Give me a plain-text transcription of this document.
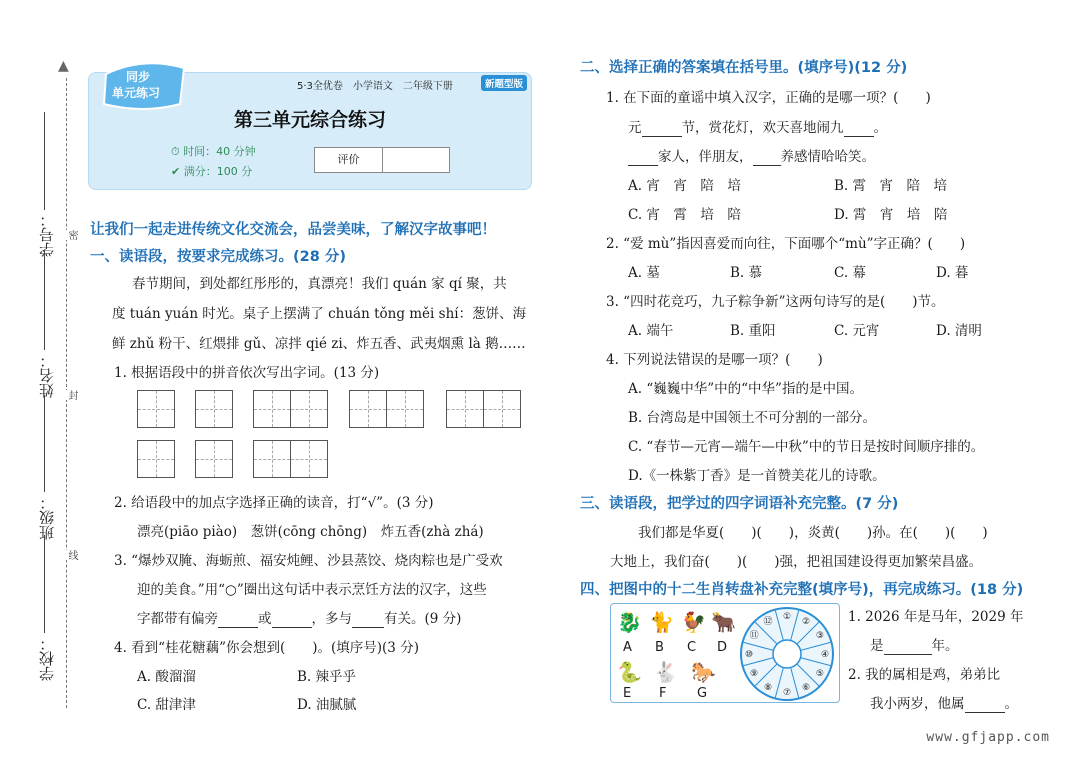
▲
学号： 密
姓名： 封
班级：
线
学校：
5·3全优卷　小学语文　二年级下册	新题型版
第三单元综合练习
⏱ 时间：40 分钟
✔ 满分：100 分
评价
同步
单元练习
让我们一起走进传统文化交流会，品尝美味，了解汉字故事吧！
一、读语段，按要求完成练习。(28 分)
春节期间，到处都红彤彤的，真漂亮！我们 quán 家 qí 聚，共
度 tuán yuán 时光。桌子上摆满了 chuán tǒng měi shí：葱饼、海
鲜 zhǔ 粉干、红煨排 gǔ、凉拌 qié zi、炸五香、武夷烟熏 là 鹅……
1. 根据语段中的拼音依次写出字词。(13 分)
2. 给语段中的加点字选择正确的读音，打“√”。(3 分)
漂亮(piāo piào)　葱饼(cōng chōng)　炸五香(zhà zhá)
3. “爆炒双腌、海蛎煎、福安炖鲤、沙县蒸饺、烧肉粽也是广受欢
迎的美食。”用“○”圈出这句话中表示烹饪方法的汉字，这些
字都带有偏旁	或	，多与 有关。(9 分)
4. 看到“桂花糖藕”你会想到(　　)。(填序号)(3 分)
A. 酸溜溜	B. 辣乎乎
C. 甜津津	D. 油腻腻
二、选择正确的答案填在括号里。(填序号)(12 分)
1. 在下面的童谣中填入汉字，正确的是哪一项？(　　)
元	节，赏花灯，欢天喜地闹九 。
家人，伴朋友， 养感情哈哈笑。
A. 宵　宵　陪　培	B. 霄　宵　陪　培
C. 宵　霄　培　陪	D. 霄　宵　培　陪
2. “爱 mù”指因喜爱而向往，下面哪个“mù”字正确？(　　)
A. 墓	B. 慕	C. 幕	D. 暮
3. “四时花竞巧，九子粽争新”这两句诗写的是(　　)节。
A. 端午	B. 重阳	C. 元宵	D. 清明
4. 下列说法错误的是哪一项？(　　)
A. “巍巍中华”中的“中华”指的是中国。
B. 台湾岛是中国领土不可分割的一部分。
C. “春节—元宵—端午—中秋”中的节日是按时间顺序排的。
D.《一株紫丁香》是一首赞美花儿的诗歌。
三、读语段，把学过的四字词语补充完整。(7 分)
我们都是华夏(　　)(　　)，炎黄(　　)孙。在(　　)(　　)
大地上，我们奋(　　)(　　)强，把祖国建设得更加繁荣昌盛。
四、把图中的十二生肖转盘补充完整(填序号)，再完成练习。(18 分)
🐉
A
🐈
B
🐓
C
🐂
D
🐍
E
🐇
F
🐎
G
①
②
③
④
⑤
⑥
⑦
⑧
⑨
⑩
⑪
⑫	1. 2026 年是马年，2029 年
是	年。
2. 我的属相是鸡，弟弟比
我小两岁，他属	。
www.gfjapp.com
